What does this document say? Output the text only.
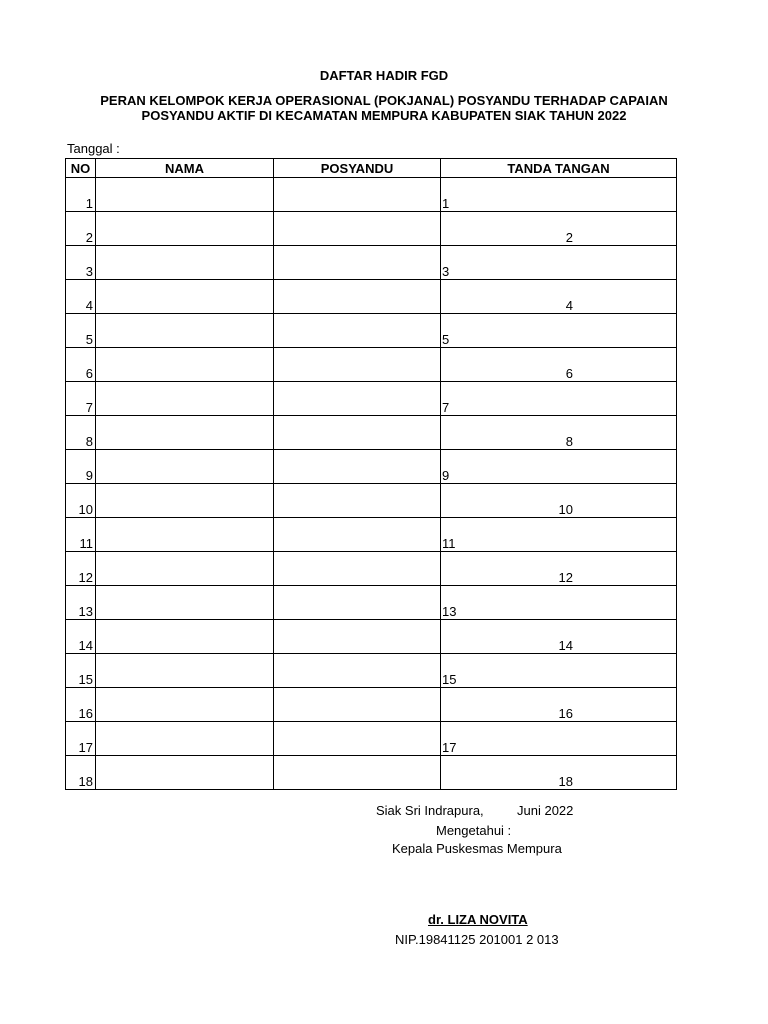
DAFTAR HADIR FGD
PERAN KELOMPOK KERJA OPERASIONAL (POKJANAL) POSYANDU TERHADAP CAPAIAN
POSYANDU AKTIF DI KECAMATAN MEMPURA KABUPATEN SIAK TAHUN 2022
Tanggal :
NO	NAMA	POSYANDU	TANDA TANGAN
1			1

2			2

3			3

4			4

5			5

6			6

7			7

8			8

9			9

10			10

11			11

12			12

13			13

14			14

15			15

16			16

17			17

18			18
Siak Sri Indrapura,	Juni 2022
Mengetahui :
Kepala Puskesmas Mempura
dr. LIZA NOVITA
NIP.19841125 201001 2 013
